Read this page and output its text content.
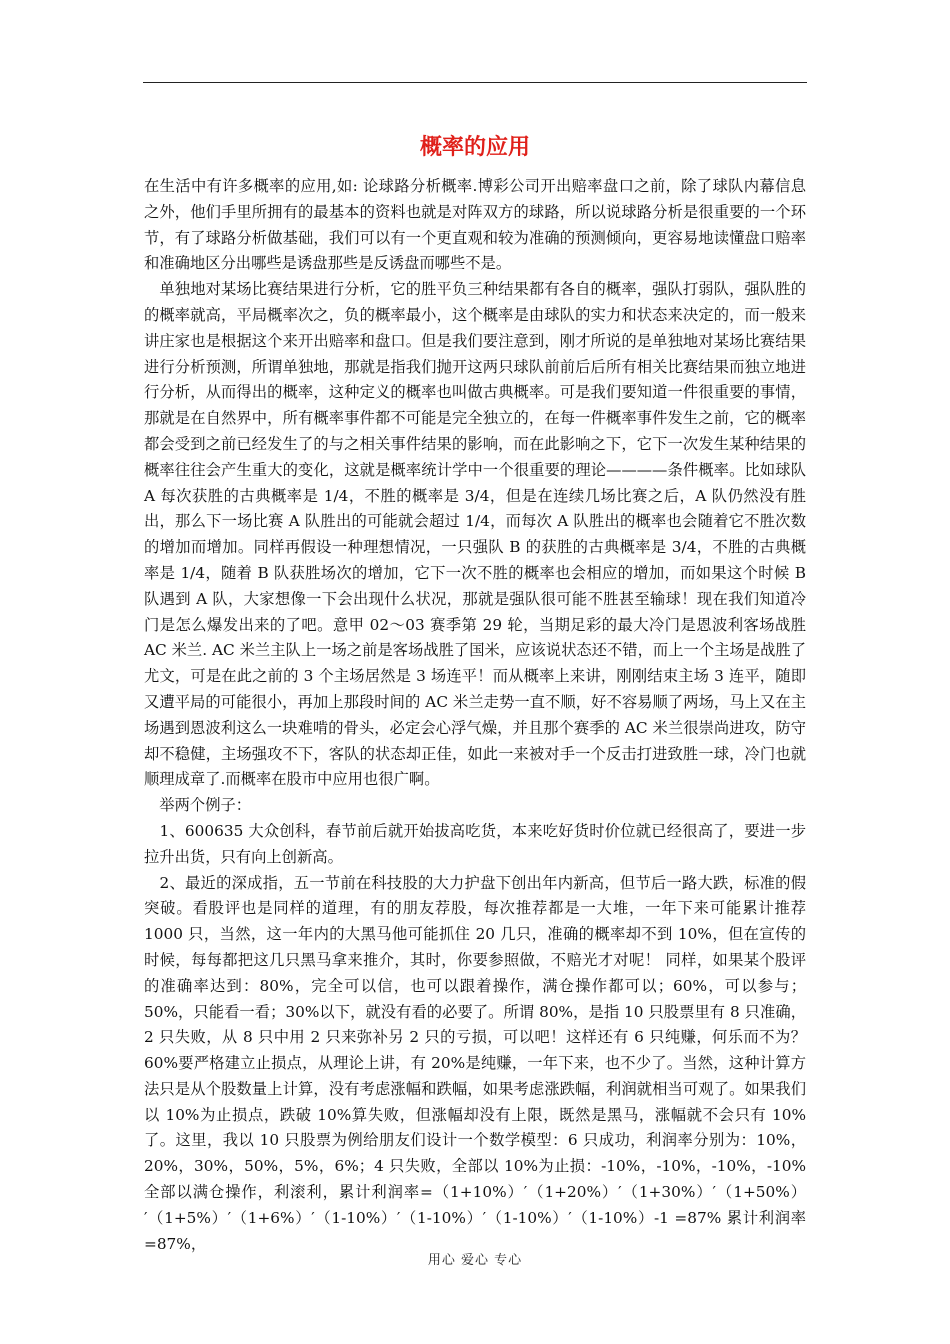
概率的应用

在生活中有许多概率的应用,如: 论球路分析概率.博彩公司开出赔率盘口之前，除了球队内幕信息之外，他们手里所拥有的最基本的资料也就是对阵双方的球路，所以说球路分析是很重要的一个环节，有了球路分析做基础，我们可以有一个更直观和较为准确的预测倾向，更容易地读懂盘口赔率和准确地区分出哪些是诱盘那些是反诱盘而哪些不是。

　单独地对某场比赛结果进行分析，它的胜平负三种结果都有各自的概率，强队打弱队，强队胜的的概率就高，平局概率次之，负的概率最小，这个概率是由球队的实力和状态来决定的，而一般来讲庄家也是根据这个来开出赔率和盘口。但是我们要注意到，刚才所说的是单独地对某场比赛结果进行分析预测，所谓单独地，那就是指我们抛开这两只球队前前后后所有相关比赛结果而独立地进行分析，从而得出的概率，这种定义的概率也叫做古典概率。可是我们要知道一件很重要的事情，那就是在自然界中，所有概率事件都不可能是完全独立的，在每一件概率事件发生之前，它的概率都会受到之前已经发生了的与之相关事件结果的影响，而在此影响之下，它下一次发生某种结果的概率往往会产生重大的变化，这就是概率统计学中一个很重要的理论————条件概率。比如球队 A 每次获胜的古典概率是 1/4，不胜的概率是 3/4，但是在连续几场比赛之后，A 队仍然没有胜出，那么下一场比赛 A 队胜出的可能就会超过 1/4，而每次 A 队胜出的概率也会随着它不胜次数的增加而增加。同样再假设一种理想情况，一只强队 B 的获胜的古典概率是 3/4，不胜的古典概率是 1/4，随着 B 队获胜场次的增加，它下一次不胜的概率也会相应的增加，而如果这个时候 B 队遇到 A 队，大家想像一下会出现什么状况，那就是强队很可能不胜甚至输球！现在我们知道冷门是怎么爆发出来的了吧。意甲 02～03 赛季第 29 轮，当期足彩的最大冷门是恩波利客场战胜 AC 米兰. AC 米兰主队上一场之前是客场战胜了国米，应该说状态还不错，而上一个主场是战胜了尤文，可是在此之前的 3 个主场居然是 3 场连平！而从概率上来讲，刚刚结束主场 3 连平，随即又遭平局的可能很小，再加上那段时间的 AC 米兰走势一直不顺，好不容易顺了两场，马上又在主场遇到恩波利这么一块难啃的骨头，必定会心浮气燥，并且那个赛季的 AC 米兰很崇尚进攻，防守却不稳健，主场强攻不下，客队的状态却正佳，如此一来被对手一个反击打进致胜一球，冷门也就顺理成章了.而概率在股市中应用也很广啊。

　举两个例子：

　1、600635 大众创科，春节前后就开始拔高吃货，本来吃好货时价位就已经很高了，要进一步拉升出货，只有向上创新高。

　2、最近的深成指，五一节前在科技股的大力护盘下创出年内新高，但节后一路大跌，标准的假突破。看股评也是同样的道理，有的朋友荐股，每次推荐都是一大堆，一年下来可能累计推荐 1000 只，当然，这一年内的大黑马他可能抓住 20 几只，准确的概率却不到 10%，但在宣传的时候，每每都把这几只黑马拿来推介，其时，你要参照做，不赔光才对呢！ 同样，如果某个股评的准确率达到：80%，完全可以信，也可以跟着操作，满仓操作都可以；60%，可以参与；50%，只能看一看；30%以下，就没有看的必要了。所谓 80%，是指 10 只股票里有 8 只准确，2 只失败，从 8 只中用 2 只来弥补另 2 只的亏损，可以吧！这样还有 6 只纯赚，何乐而不为？ 60%要严格建立止损点，从理论上讲，有 20%是纯赚，一年下来，也不少了。当然，这种计算方法只是从个股数量上计算，没有考虑涨幅和跌幅，如果考虑涨跌幅，利润就相当可观了。如果我们以 10%为止损点，跌破 10%算失败，但涨幅却没有上限，既然是黑马，涨幅就不会只有 10%了。这里，我以 10 只股票为例给朋友们设计一个数学模型：6 只成功，利润率分别为：10%，20%，30%，50%，5%，6%；4 只失败，全部以 10%为止损：-10%，-10%，-10%，-10%全部以满仓操作，利滚利，累计利润率=（1+10%）′（1+20%）′（1+30%）′（1+50%）′（1+5%）′（1+6%）′（1-10%）′（1-10%）′（1-10%）′（1-10%）-1 =87% 累计利润率=87%，

用心 爱心 专心
